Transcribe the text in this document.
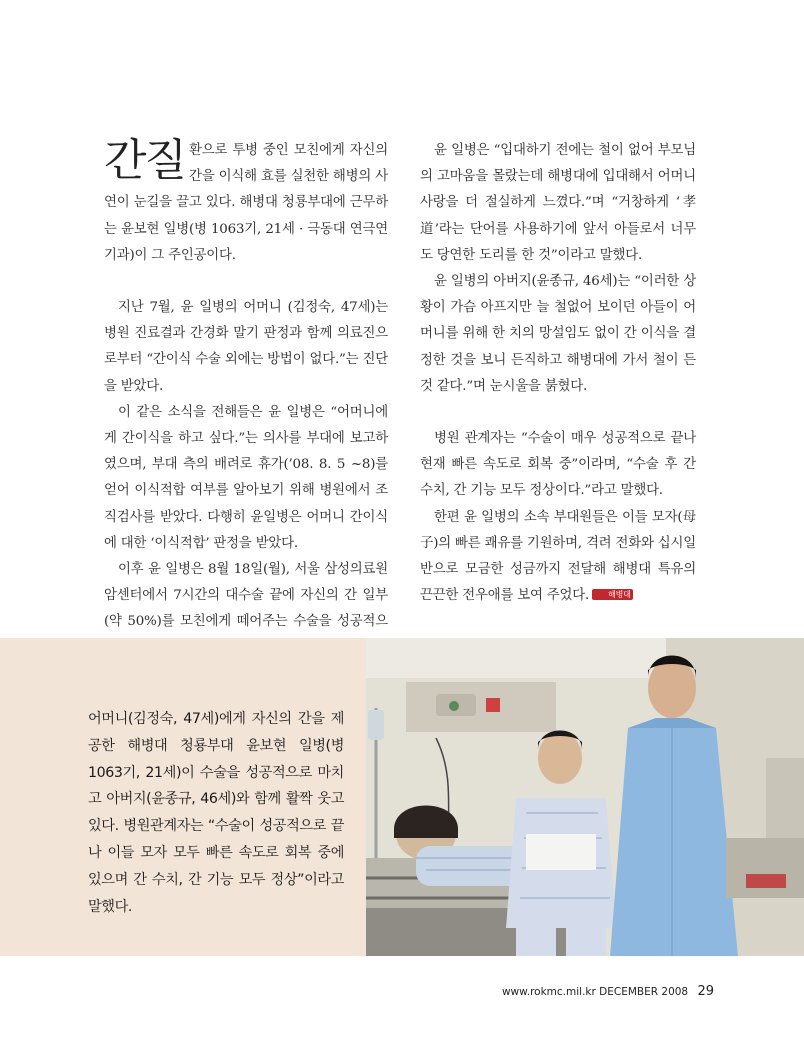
간질 환으로 투병 중인 모친에게 자신의 간을 이식해 효를 실천한 해병의 사연이 눈길을 끌고 있다. 해병대 청룡부대에 근무하는 윤보현 일병(병 1063기, 21세 · 극동대 연극연기과)이 그 주인공이다.

지난 7월, 윤 일병의 어머니 (김정숙, 47세)는 병원 진료결과 간경화 말기 판정과 함께 의료진으로부터 “간이식 수술 외에는 방법이 없다.”는 진단을 받았다.

이 같은 소식을 전해들은 윤 일병은 “어머니에게 간이식을 하고 싶다.”는 의사를 부대에 보고하였으며, 부대 측의 배려로 휴가(’08. 8. 5 ~8)를 얻어 이식적합 여부를 알아보기 위해 병원에서 조직검사를 받았다. 다행히 윤일병은 어머니 간이식에 대한 ‘이식적합’ 판정을 받았다.

이후 윤 일병은 8월 18일(월), 서울 삼성의료원 암센터에서 7시간의 대수술 끝에 자신의 간 일부(약 50%)를 모친에게 떼어주는 수술을 성공적으

윤 일병은 “입대하기 전에는 철이 없어 부모님의 고마움을 몰랐는데 해병대에 입대해서 어머니 사랑을 더 절실하게 느꼈다.”며 “거창하게 ‘孝道’라는 단어를 사용하기에 앞서 아들로서 너무도 당연한 도리를 한 것”이라고 말했다.

윤 일병의 아버지(윤종규, 46세)는 “이러한 상황이 가슴 아프지만 늘 철없어 보이던 아들이 어머니를 위해 한 치의 망설임도 없이 간 이식을 결정한 것을 보니 든직하고 해병대에 가서 철이 든 것 같다.”며 눈시울을 붉혔다.

병원 관계자는 “수술이 매우 성공적으로 끝나 현재 빠른 속도로 회복 중”이라며, “수술 후 간 수치, 간 기능 모두 정상이다.”라고 말했다.

한편 윤 일병의 소속 부대원들은 이들 모자(母子)의 빠른 쾌유를 기원하며, 격려 전화와 십시일반으로 모금한 성금까지 전달해 해병대 특유의 끈끈한 전우애를 보여 주었다. 해병대

어머니(김정숙, 47세)에게 자신의 간을 제공한 해병대 청룡부대 윤보현 일병(병 1063기, 21세)이 수술을 성공적으로 마치고 아버지(윤종규, 46세)와 함께 활짝 웃고 있다. 병원관계자는 “수술이 성공적으로 끝나 이들 모자 모두 빠른 속도로 회복 중에 있으며 간 수치, 간 기능 모두 정상”이라고 말했다.
www.rokmc.mil.kr DECEMBER 2008 29
